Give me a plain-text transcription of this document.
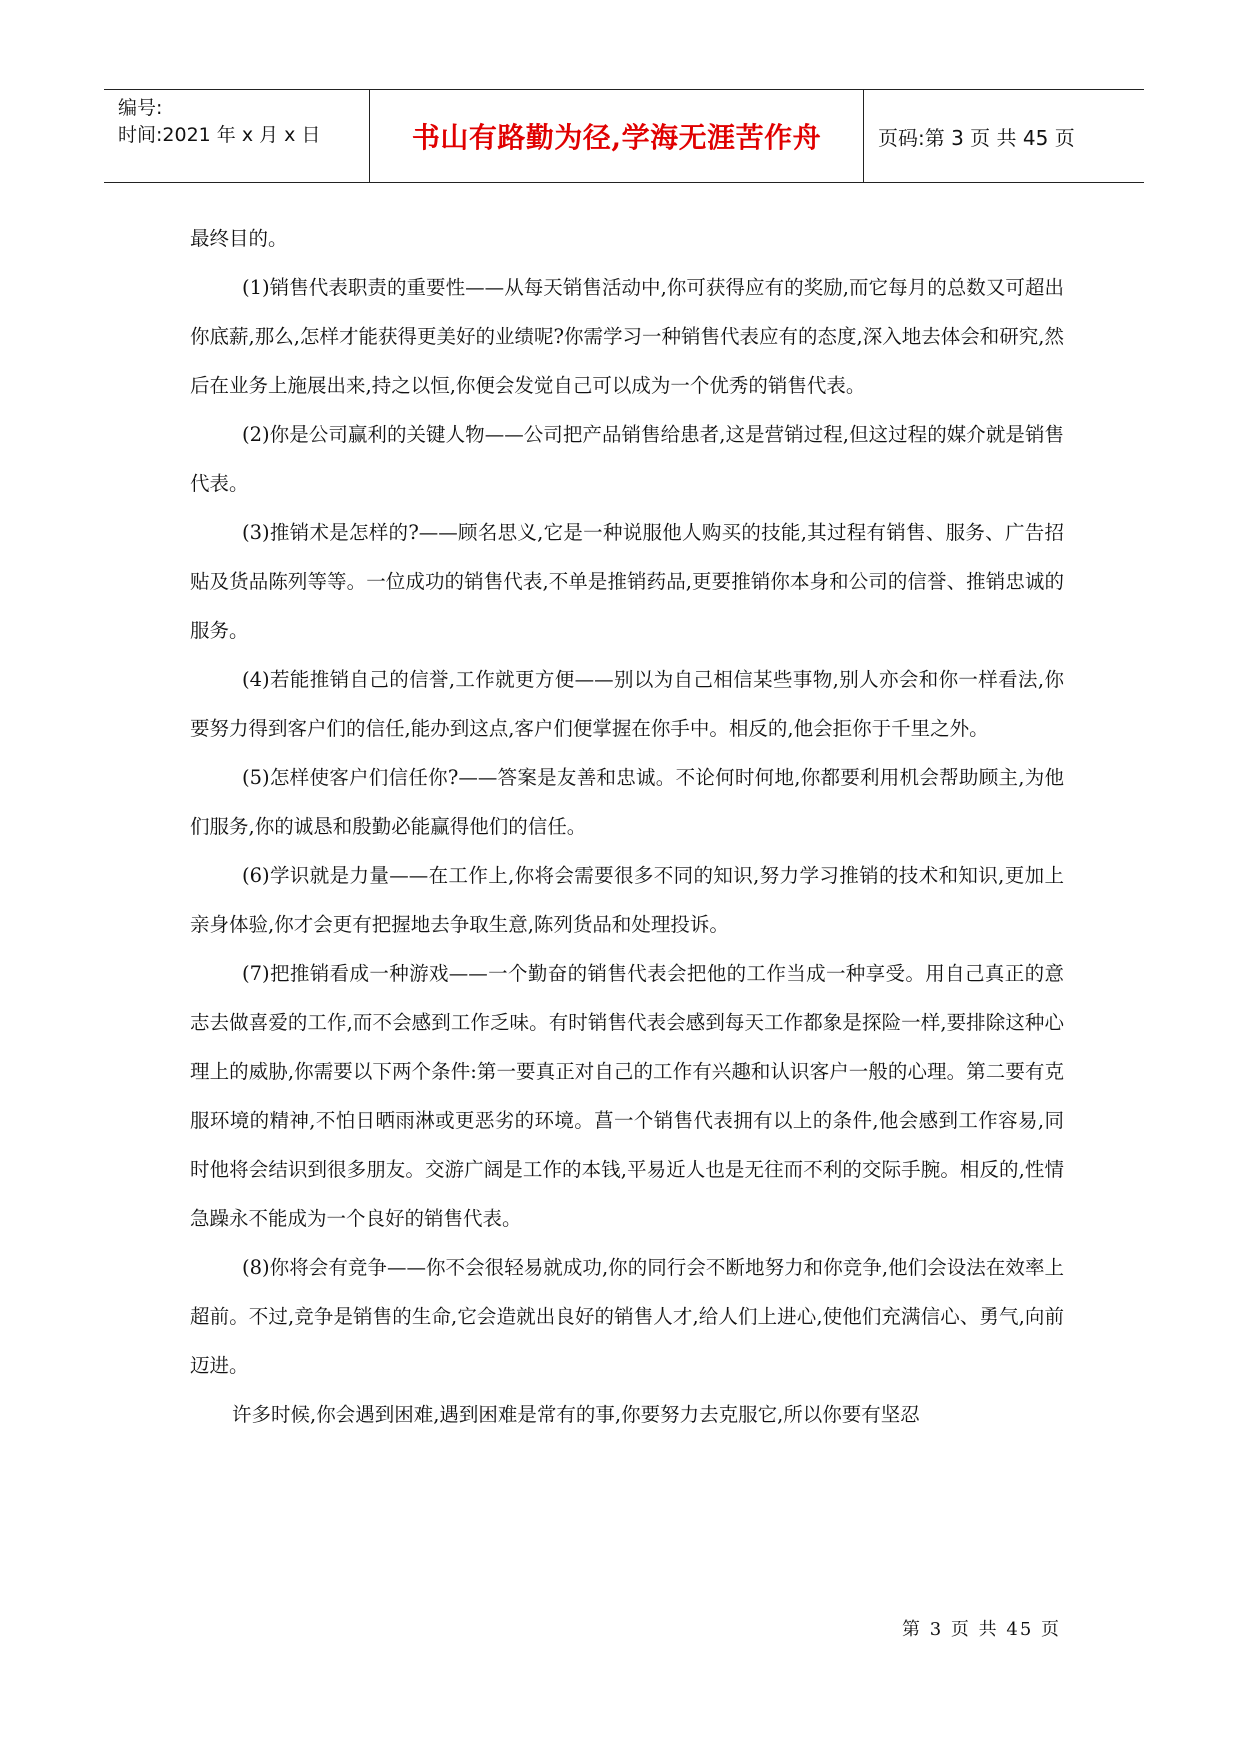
编号:
时间:2021 年 x 月 x 日	书山有路勤为径,学海无涯苦作舟	页码:第 3 页 共 45 页

最终目的。

(1)销售代表职责的重要性——从每天销售活动中,你可获得应有的奖励,而它每月的总数又可超出你底薪,那么,怎样才能获得更美好的业绩呢?你需学习一种销售代表应有的态度,深入地去体会和研究,然后在业务上施展出来,持之以恒,你便会发觉自己可以成为一个优秀的销售代表。

(2)你是公司赢利的关键人物——公司把产品销售给患者,这是营销过程,但这过程的媒介就是销售代表。

(3)推销术是怎样的?——顾名思义,它是一种说服他人购买的技能,其过程有销售、服务、广告招贴及货品陈列等等。一位成功的销售代表,不单是推销药品,更要推销你本身和公司的信誉、推销忠诚的服务。

(4)若能推销自己的信誉,工作就更方便——别以为自己相信某些事物,别人亦会和你一样看法,你要努力得到客户们的信任,能办到这点,客户们便掌握在你手中。相反的,他会拒你于千里之外。

(5)怎样使客户们信任你?——答案是友善和忠诚。不论何时何地,你都要利用机会帮助顾主,为他们服务,你的诚恳和殷勤必能赢得他们的信任。

(6)学识就是力量——在工作上,你将会需要很多不同的知识,努力学习推销的技术和知识,更加上亲身体验,你才会更有把握地去争取生意,陈列货品和处理投诉。

(7)把推销看成一种游戏——一个勤奋的销售代表会把他的工作当成一种享受。用自己真正的意志去做喜爱的工作,而不会感到工作乏味。有时销售代表会感到每天工作都象是探险一样,要排除这种心理上的威胁,你需要以下两个条件:第一要真正对自己的工作有兴趣和认识客户一般的心理。第二要有克服环境的精神,不怕日晒雨淋或更恶劣的环境。菖一个销售代表拥有以上的条件,他会感到工作容易,同时他将会结识到很多朋友。交游广阔是工作的本钱,平易近人也是无往而不利的交际手腕。相反的,性情急躁永不能成为一个良好的销售代表。

(8)你将会有竞争——你不会很轻易就成功,你的同行会不断地努力和你竞争,他们会设法在效率上超前。不过,竞争是销售的生命,它会造就出良好的销售人才,给人们上进心,使他们充满信心、勇气,向前迈进。

许多时候,你会遇到困难,遇到困难是常有的事,你要努力去克服它,所以你要有坚忍

第 3 页 共 45 页
